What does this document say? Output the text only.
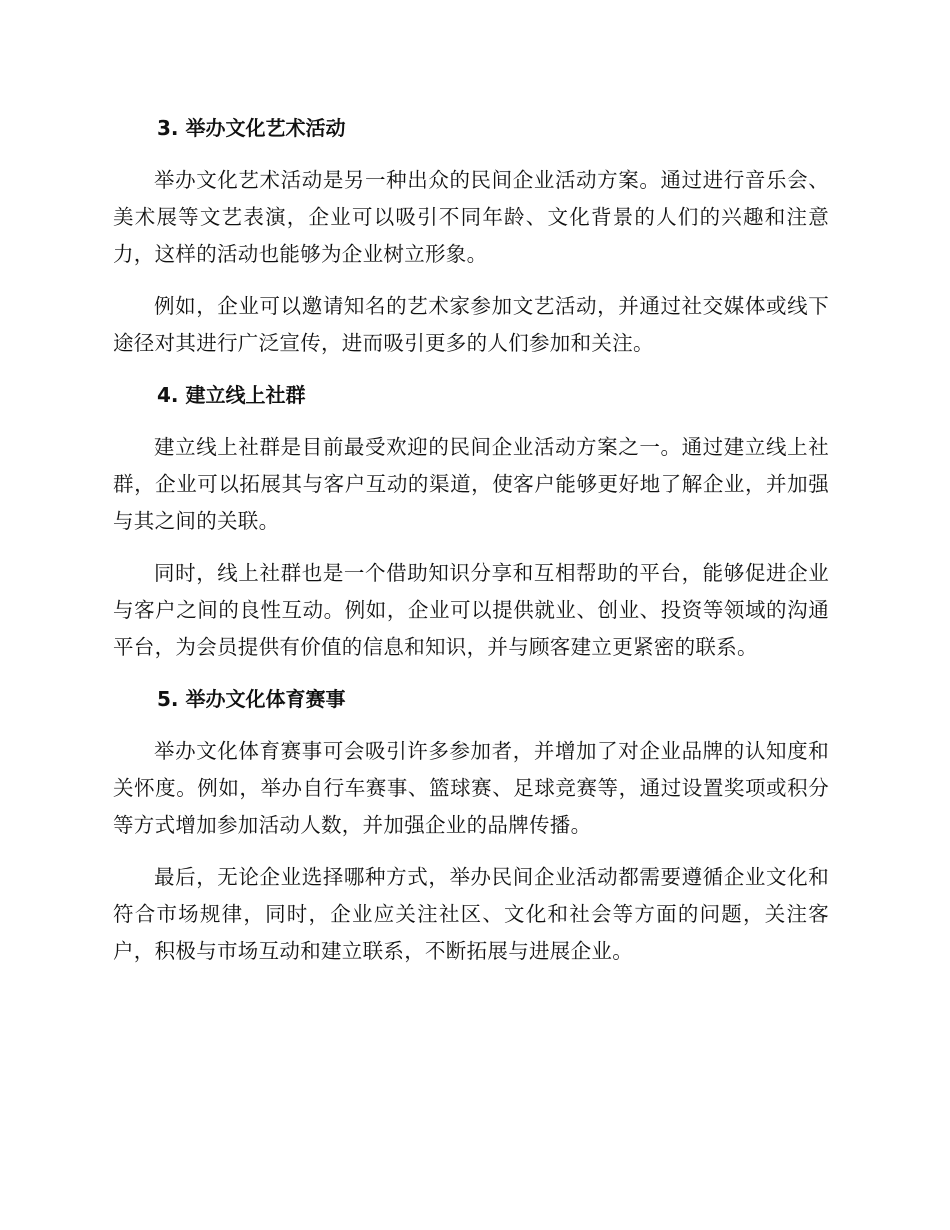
3. 举办文化艺术活动

举办文化艺术活动是另一种出众的民间企业活动方案。通过进行音乐会、美术展等文艺表演，企业可以吸引不同年龄、文化背景的人们的兴趣和注意力，这样的活动也能够为企业树立形象。

例如，企业可以邀请知名的艺术家参加文艺活动，并通过社交媒体或线下途径对其进行广泛宣传，进而吸引更多的人们参加和关注。

4. 建立线上社群

建立线上社群是目前最受欢迎的民间企业活动方案之一。通过建立线上社群，企业可以拓展其与客户互动的渠道，使客户能够更好地了解企业，并加强与其之间的关联。

同时，线上社群也是一个借助知识分享和互相帮助的平台，能够促进企业与客户之间的良性互动。例如，企业可以提供就业、创业、投资等领域的沟通平台，为会员提供有价值的信息和知识，并与顾客建立更紧密的联系。

5. 举办文化体育赛事

举办文化体育赛事可会吸引许多参加者，并增加了对企业品牌的认知度和关怀度。例如，举办自行车赛事、篮球赛、足球竞赛等，通过设置奖项或积分等方式增加参加活动人数，并加强企业的品牌传播。

最后，无论企业选择哪种方式，举办民间企业活动都需要遵循企业文化和符合市场规律，同时，企业应关注社区、文化和社会等方面的问题，关注客户，积极与市场互动和建立联系，不断拓展与进展企业。
